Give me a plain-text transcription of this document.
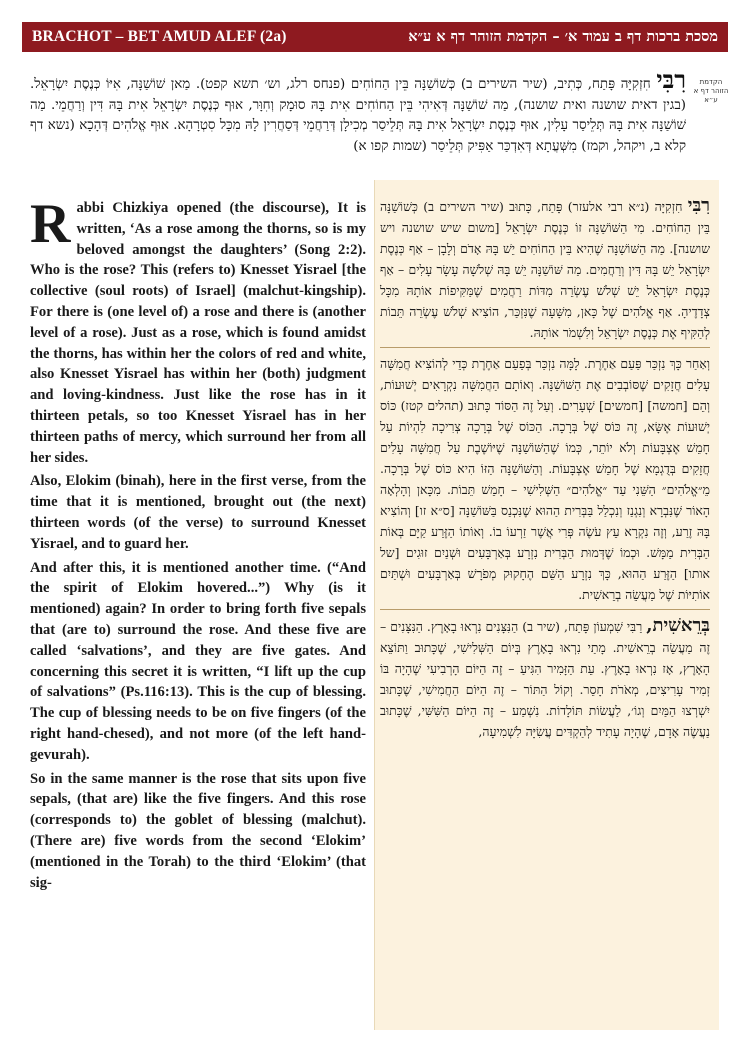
BRACHOT – BET AMUD ALEF (2a)	מסכת ברכות דף ב עמוד א׳ – הקדמת הזוהר דף א ע״א
הקדמת הזוהר דף א ע״א

רִבִּי חִזְקִיָּה פָּתַח, כְּתִיב, (שיר השירים ב) כְּשׁוֹשַׁנָּה בֵּין הַחוֹחִים (פנחס רלג, וש׳ תשא קפט). מַאן שׁוֹשַׁנָּה, אִיּוֹ כְּנֶסֶת יִשְׂרָאֵל. (בגין דאית שושנה ואית שושנה), מַה שׁוֹשַׁנָּה דְּאִיהִי בֵּין הַחוֹחִים אִית בָּהּ סוּמָק וְחִוָּר, אוּף כְּנֶסֶת יִשְׂרָאֵל אִית בָּהּ דִּין וְרַחֲמֵי. מַה שׁוֹשַׁנָּה אִית בָּהּ תְּלֵיסַר עָלִין, אוּף כְּנֶסֶת יִשְׂרָאֵל אִית בָּהּ תְּלֵיסַר מְכִילָן דְּרַחֲמֵי דְּסַחֲרִין לָהּ מִכָּל סִטְרָהָא. אוּף אֱלֹהִים דְּהָכָא (נשא דף קלא ב, ויקהל, וקמז) מִשְּׁעֲתָא דְּאִדְכַּר אַפִּיק תְּלֵיסַר (שמות קפו א)

Rabbi Chizkiya opened (the discourse), It is written, ‘As a rose among the thorns, so is my beloved amongst the daughters’ (Song 2:2). Who is the rose? This (refers to) Knesset Yisrael [the collective (soul roots) of Israel] (malchut-kingship). For there is (one level of) a rose and there is (another level of a rose). Just as a rose, which is found amidst the thorns, has within her the colors of red and white, also Knesset Yisrael has within her (both) judgment and loving-kindness. Just like the rose has in it thirteen petals, so too Knesset Yisrael has in her thirteen paths of mercy, which surround her from all her sides.

Also, Elokim (binah), here in the first verse, from the time that it is mentioned, brought out (the next) thirteen words (of the verse) to surround Knesset Yisrael, and to guard her.

And after this, it is mentioned another time. (“And the spirit of Elokim hovered...”) Why (is it mentioned) again? In order to bring forth five sepals that (are to) surround the rose. And these five are called ‘salvations’, and they are five gates. And concerning this secret it is written, “I lift up the cup of salvations” (Ps.116:13). This is the cup of blessing. The cup of blessing needs to be on five fingers (of the right hand-chesed), and not more (of the left hand-gevurah).

So in the same manner is the rose that sits upon five sepals, (that are) like the five fingers. And this rose (corresponds to) the goblet of blessing (malchut). (There are) five words from the second ‘Elokim’ (mentioned in the Torah) to the third ‘Elokim’ (that sig-

רִבִּי חִזְקִיָּה (נ״א רבי אלעזר) פָּתַח, כָּתוּב (שיר השירים ב) כְּשׁוֹשַׁנָּה בֵּין הַחוֹחִים. מִי הַשּׁוֹשַׁנָּה זוֹ כְּנֶסֶת יִשְׂרָאֵל [משום שיש שושנה ויש שושנה]. מַה הַשּׁוֹשַׁנָּה שֶׁהִיא בֵּין הַחוֹחִים יֵשׁ בָּהּ אָדֹם וְלָבָן – אַף כְּנֶסֶת יִשְׂרָאֵל יֵשׁ בָּהּ דִּין וְרַחֲמִים. מַה שּׁוֹשַׁנָּה יֵשׁ בָּהּ שְׁלֹשָׁה עָשָׂר עָלִים – אַף כְּנֶסֶת יִשְׂרָאֵל יֵשׁ שְׁלֹשׁ עֶשְׂרֵה מִדּוֹת רַחֲמִים שֶׁמַּקִּיפוֹת אוֹתָהּ מִכָּל צְדָדֶיהָ. אַף אֱלֹהִים שֶׁל כָּאן, מִשָּׁעָה שֶׁנִּזְכַּר, הוֹצִיא שְׁלֹשׁ עֶשְׂרֵה תֵּבוֹת לְהַקִּיף אֶת כְּנֶסֶת יִשְׂרָאֵל וְלִשְׁמֹר אוֹתָהּ.

וְאַחַר כָּךְ נִזְכַּר פַּעַם אַחֶרֶת. לָמָּה נִזְכַּר בְּפַעַם אַחֶרֶת כְּדֵי לְהוֹצִיא חֲמִשָּׁה עָלִים חֲזָקִים שֶׁסּוֹבְבִים אֶת הַשּׁוֹשַׁנָּה. וְאוֹתָם הַחֲמִשָּׁה נִקְרָאִים יְשׁוּעוֹת, וְהֵם [חמשה] [חמשים] שְׁעָרִים. וְעַל זֶה הַסּוֹד כָּתוּב (תהלים קטז) כּוֹס יְשׁוּעוֹת אֶשָּׂא, זֶה כּוֹס שֶׁל בְּרָכָה. הַכּוֹס שֶׁל בְּרָכָה צְרִיכָה לִהְיוֹת עַל חָמֵשׁ אֶצְבָּעוֹת וְלֹא יוֹתֵר, כְּמוֹ שֶׁהַשּׁוֹשַׁנָּה שֶׁיּוֹשֶׁבֶת עַל חֲמִשָּׁה עָלִים חֲזָקִים בְּדֻגְמָא שֶׁל חָמֵשׁ אֶצְבָּעוֹת. וְהַשּׁוֹשַׁנָּה הַזּוֹ הִיא כּוֹס שֶׁל בְּרָכָה. מֵ״אֱלֹהִים״ הַשֵּׁנִי עַד ״אֱלֹהִים״ הַשְּׁלִישִׁי – חָמֵשׁ תֵּבוֹת. מִכָּאן וְהָלְאָה הָאוֹר שֶׁנִּבְרָא וְנִגְנַז וְנִכְלַל בַּבְּרִית הַהוּא שֶׁנִּכְנַס בַּשּׁוֹשַׁנָּה [ס״א זו] וְהוֹצִיא בָּהּ זֶרַע, וְזֶה נִקְרָא עֵץ עֹשֶׂה פְּרִי אֲשֶׁר זַרְעוֹ בוֹ. וְאוֹתוֹ הַזֶּרַע קַיָּם בְּאוֹת הַבְּרִית מַמָּשׁ. וּכְמוֹ שֶׁדְּמוּת הַבְּרִית נִזְרָע בְּאַרְבָּעִים וּשְׁנַיִם זוּגִים [של אותו] הַזֶּרַע הַהוּא, כָּךְ נִזְרָע הַשֵּׁם הֶחָקוּק מְפֹרָשׁ בְּאַרְבָּעִים וּשְׁתַּיִם אוֹתִיּוֹת שֶׁל מַעֲשֵׂה בְרֵאשִׁית.

בְּרֵאשִׁית, רַבִּי שִׁמְעוֹן פָּתַח, (שיר ב) הַנִּצָּנִים נִרְאוּ בָאָרֶץ. הַנִּצָּנִים – זֶה מַעֲשֵׂה בְרֵאשִׁית. מָתַי נִרְאוּ בָאָרֶץ בְּיוֹם הַשְּׁלִישִׁי, שֶׁכָּתוּב וַתּוֹצֵא הָאָרֶץ, אָז נִרְאוּ בָאָרֶץ. עֵת הַזָּמִיר הִגִּיעַ – זֶה הַיּוֹם הָרְבִיעִי שֶׁהָיָה בּוֹ זְמִיר עָרִיצִים, מְאֹרֹת חָסֵר. וְקוֹל הַתּוֹר – זֶה הַיּוֹם הַחֲמִישִׁי, שֶׁכָּתוּב יִשְׁרְצוּ הַמַּיִם וְגוֹ׳, לַעֲשׂוֹת תּוֹלָדוֹת. נִשְׁמַע – זֶה הַיּוֹם הַשִּׁשִּׁי, שֶׁכָּתוּב נַעֲשֶׂה אָדָם, שֶׁהָיָה עָתִיד לְהַקְדִּים עֲשִׂיָּה לִשְׁמִיעָה,
